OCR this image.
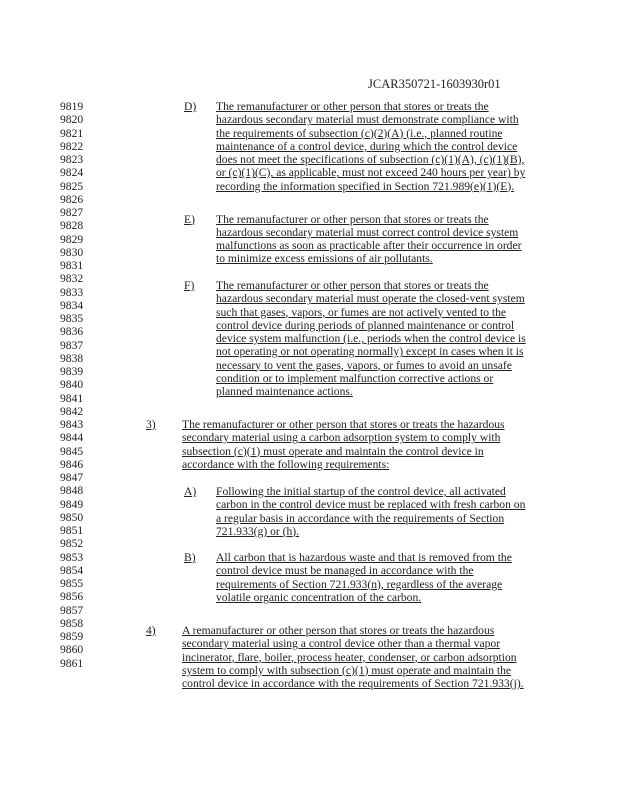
JCAR350721-1603930r01
9819
9820
9821
9822
9823
9824
9825
9826
9827
9828
9829
9830
9831
9832
9833
9834
9835
9836
9837
9838
9839
9840
9841
9842
9843
9844
9845
9846
9847
9848
9849
9850
9851
9852
9853
9854
9855
9856
9857
9858
9859
9860
9861
D) The remanufacturer or other person that stores or treats the
hazardous secondary material must demonstrate compliance with
the requirements of subsection (c)(2)(A) (i.e., planned routine
maintenance of a control device, during which the control device
does not meet the specifications of subsection (c)(1)(A), (c)(1)(B),
or (c)(1)(C), as applicable, must not exceed 240 hours per year) by
recording the information specified in Section 721.989(e)(1)(E).
E) The remanufacturer or other person that stores or treats the
hazardous secondary material must correct control device system
malfunctions as soon as practicable after their occurrence in order
to minimize excess emissions of air pollutants.
F) The remanufacturer or other person that stores or treats the
hazardous secondary material must operate the closed-vent system
such that gases, vapors, or fumes are not actively vented to the
control device during periods of planned maintenance or control
device system malfunction (i.e., periods when the control device is
not operating or not operating normally) except in cases when it is
necessary to vent the gases, vapors, or fumes to avoid an unsafe
condition or to implement malfunction corrective actions or
planned maintenance actions.
3) The remanufacturer or other person that stores or treats the hazardous
secondary material using a carbon adsorption system to comply with
subsection (c)(1) must operate and maintain the control device in
accordance with the following requirements:
A) Following the initial startup of the control device, all activated
carbon in the control device must be replaced with fresh carbon on
a regular basis in accordance with the requirements of Section
721.933(g) or (h).
B) All carbon that is hazardous waste and that is removed from the
control device must be managed in accordance with the
requirements of Section 721.933(n), regardless of the average
volatile organic concentration of the carbon.
4) A remanufacturer or other person that stores or treats the hazardous
secondary material using a control device other than a thermal vapor
incinerator, flare, boiler, process heater, condenser, or carbon adsorption
system to comply with subsection (c)(1) must operate and maintain the
control device in accordance with the requirements of Section 721.933(j).
